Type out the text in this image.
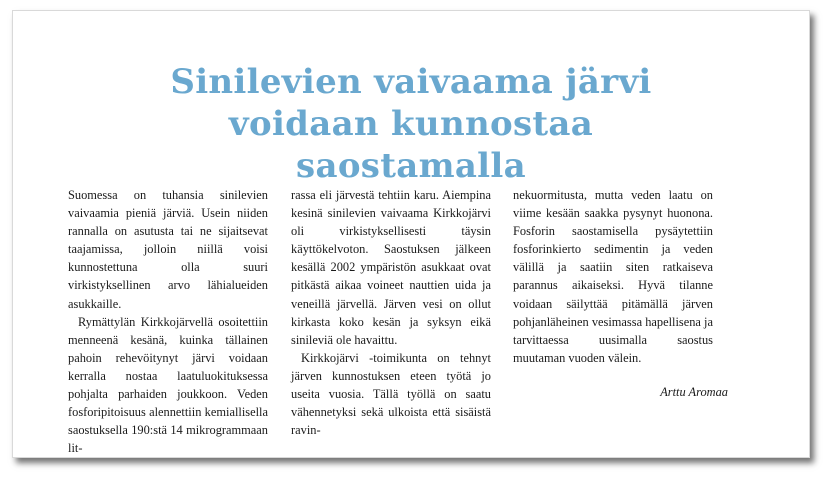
Sinilevien vaivaama järvi
voidaan kunnostaa
saostamalla

Suomessa on tuhansia sinilevien vaivaamia pieniä järviä. Usein niiden rannalla on asutusta tai ne sijaitsevat taajamissa, jolloin niillä voisi kunnostettuna olla suuri virkistyksellinen arvo lähialueiden asukkaille.

Rymättylän Kirkkojärvellä osoitettiin menneenä kesänä, kuinka tällainen pahoin rehevöitynyt järvi voidaan kerralla nostaa laatuluokituksessa pohjalta parhaiden joukkoon. Veden fosforipitoisuus alennettiin kemiallisella saostuksella 190:stä 14 mikrogrammaan lit-

rassa eli järvestä tehtiin karu. Aiempina kesinä sinilevien vaivaama Kirkkojärvi oli virkistyksellisesti täysin käyttökelvoton. Saostuksen jälkeen kesällä 2002 ympäristön asukkaat ovat pitkästä aikaa voineet nauttien uida ja veneillä järvellä. Järven vesi on ollut kirkasta koko kesän ja syksyn eikä sinileviä ole havaittu.

Kirkkojärvi -toimikunta on tehnyt järven kunnostuksen eteen työtä jo useita vuosia. Tällä työllä on saatu vähennetyksi sekä ulkoista että sisäistä ravin-

nekuormitusta, mutta veden laatu on viime kesään saakka pysynyt huonona. Fosforin saostamisella pysäytettiin fosforinkierto sedimentin ja veden välillä ja saatiin siten ratkaiseva parannus aikaiseksi. Hyvä tilanne voidaan säilyttää pitämällä järven pohjanläheinen vesimassa hapellisena ja tarvittaessa uusimalla saostus muutaman vuoden välein.

Arttu Aromaa
